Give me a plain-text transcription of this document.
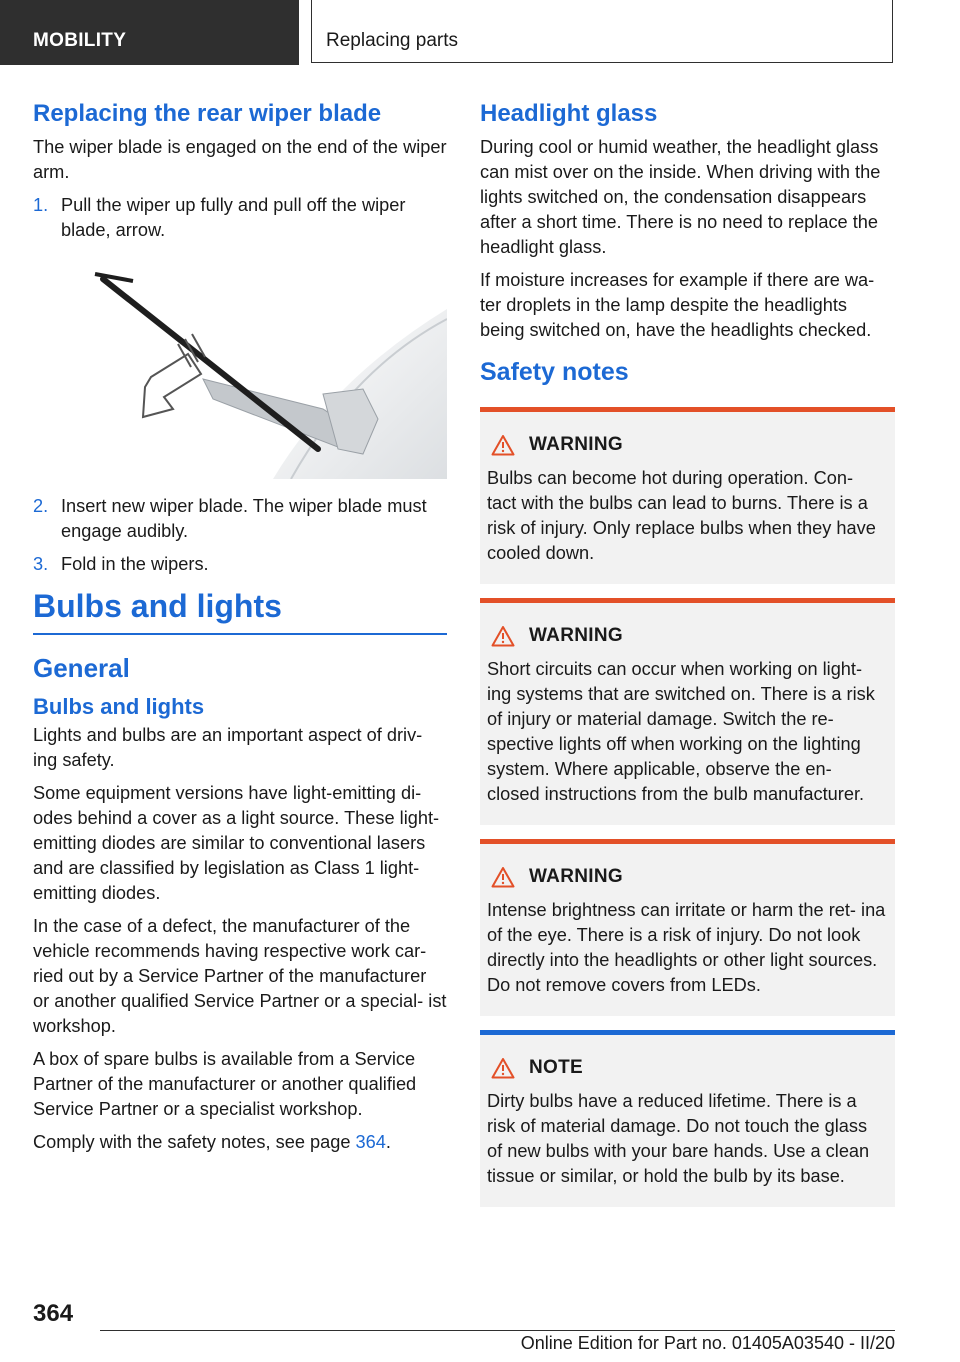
MOBILITY	Replacing parts
Replacing the rear wiper blade

The wiper blade is engaged on the end of the wiper arm.

1. Pull the wiper up fully and pull off the wiper blade, arrow.
2. Insert new wiper blade. The wiper blade must engage audibly.
3. Fold in the wipers.
Bulbs and lights
General
Bulbs and lights

Lights and bulbs are an important aspect of driv‐ ing safety.

Some equipment versions have light-emitting di‐ odes behind a cover as a light source. These light-emitting diodes are similar to conventional lasers and are classified by legislation as Class 1 light-emitting diodes.

In the case of a defect, the manufacturer of the vehicle recommends having respective work car‐ ried out by a Service Partner of the manufacturer or another qualified Service Partner or a special‐ ist workshop.

A box of spare bulbs is available from a Service Partner of the manufacturer or another qualified Service Partner or a specialist workshop.

Comply with the safety notes, see page 364.

Headlight glass

During cool or humid weather, the headlight glass can mist over on the inside. When driving with the lights switched on, the condensation disappears after a short time. There is no need to replace the headlight glass.

If moisture increases for example if there are wa‐ ter droplets in the lamp despite the headlights being switched on, have the headlights checked.

Safety notes
WARNING

Bulbs can become hot during operation. Con‐ tact with the bulbs can lead to burns. There is a risk of injury. Only replace bulbs when they have cooled down.

WARNING

Short circuits can occur when working on light‐ ing systems that are switched on. There is a risk of injury or material damage. Switch the re‐ spective lights off when working on the lighting system. Where applicable, observe the en‐ closed instructions from the bulb manufacturer.

WARNING

Intense brightness can irritate or harm the ret‐ ina of the eye. There is a risk of injury. Do not look directly into the headlights or other light sources. Do not remove covers from LEDs.

NOTE

Dirty bulbs have a reduced lifetime. There is a risk of material damage. Do not touch the glass of new bulbs with your bare hands. Use a clean tissue or similar, or hold the bulb by its base.

364
Online Edition for Part no. 01405A03540 - II/20
